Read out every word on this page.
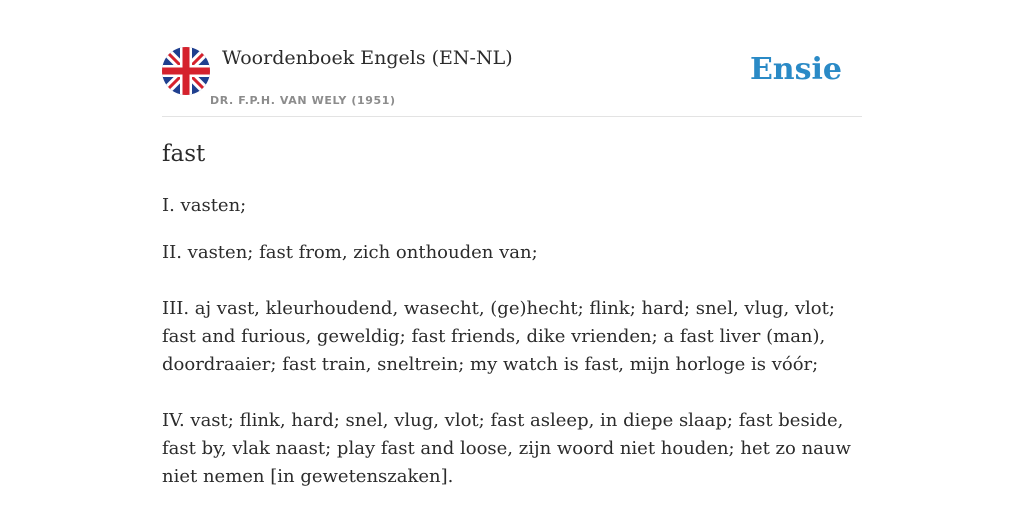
Woordenboek Engels (EN-NL)
DR. F.P.H. VAN WELY (1951)
Ensie
fast
I. vasten;
II. vasten; fast from, zich onthouden van;
III. aj vast, kleurhoudend, wasecht, (ge)hecht; flink; hard; snel, vlug, vlot; fast and furious, geweldig; fast friends, dike vrienden; a fast liver (man), doordraaier; fast train, sneltrein; my watch is fast, mijn horloge is vóór;
IV. vast; flink, hard; snel, vlug, vlot; fast asleep, in diepe slaap; fast beside, fast by, vlak naast; play fast and loose, zijn woord niet houden; het zo nauw niet nemen [in gewetenszaken].
